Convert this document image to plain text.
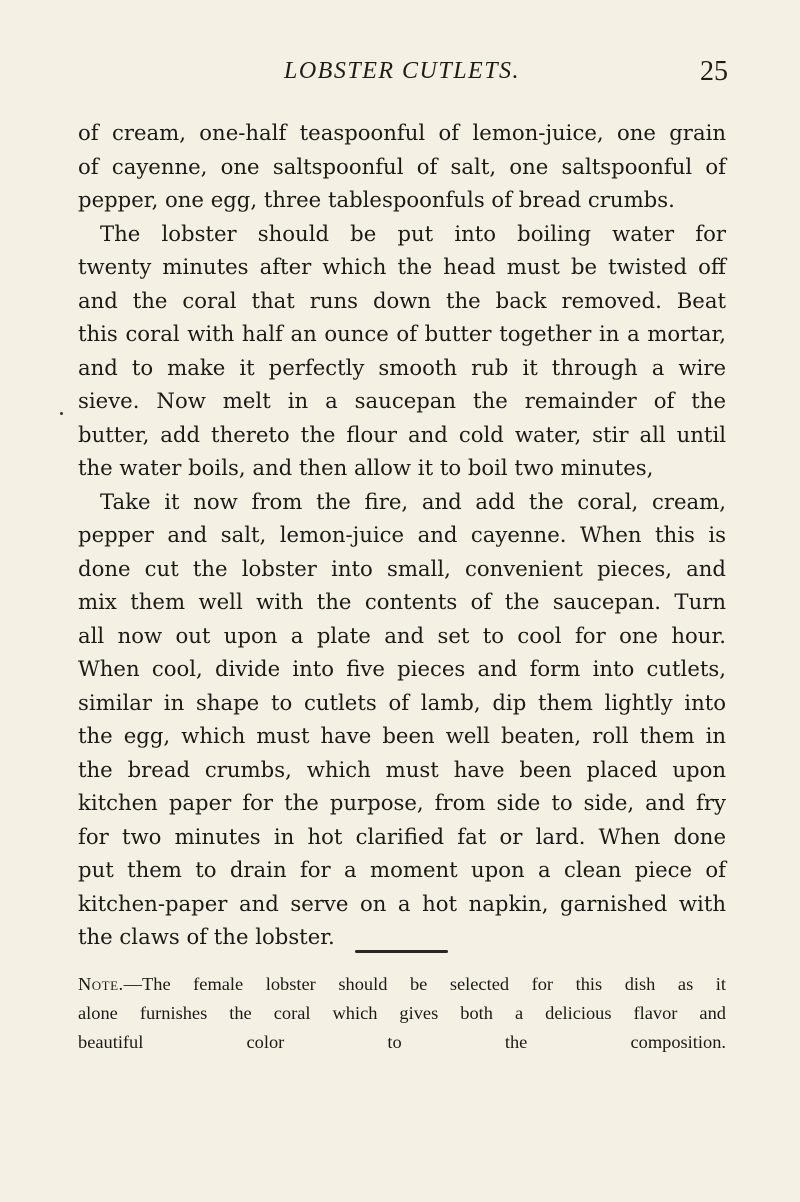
LOBSTER CUTLETS.	25
of cream, one-half teaspoonful of lemon-juice, one grain
of cayenne, one saltspoonful of salt, one saltspoonful of
pepper, one egg, three tablespoonfuls of bread crumbs.
The lobster should be put into boiling water for
twenty minutes after which the head must be twisted off
and the coral that runs down the back removed. Beat
this coral with half an ounce of butter together in a mortar,
and to make it perfectly smooth rub it through a wire
sieve. Now melt in a saucepan the remainder of the
butter, add thereto the flour and cold water, stir all until
the water boils, and then allow it to boil two minutes,
Take it now from the fire, and add the coral, cream,
pepper and salt, lemon-juice and cayenne. When this is
done cut the lobster into small, convenient pieces, and
mix them well with the contents of the saucepan. Turn
all now out upon a plate and set to cool for one hour.
When cool, divide into five pieces and form into cutlets,
similar in shape to cutlets of lamb, dip them lightly into
the egg, which must have been well beaten, roll them in
the bread crumbs, which must have been placed upon
kitchen paper for the purpose, from side to side, and fry
for two minutes in hot clarified fat or lard. When done
put them to drain for a moment upon a clean piece of
kitchen-paper and serve on a hot napkin, garnished with
the claws of the lobster.
Note.—The female lobster should be selected for this dish as it
alone furnishes the coral which gives both a delicious flavor and
beautiful color to the composition.
